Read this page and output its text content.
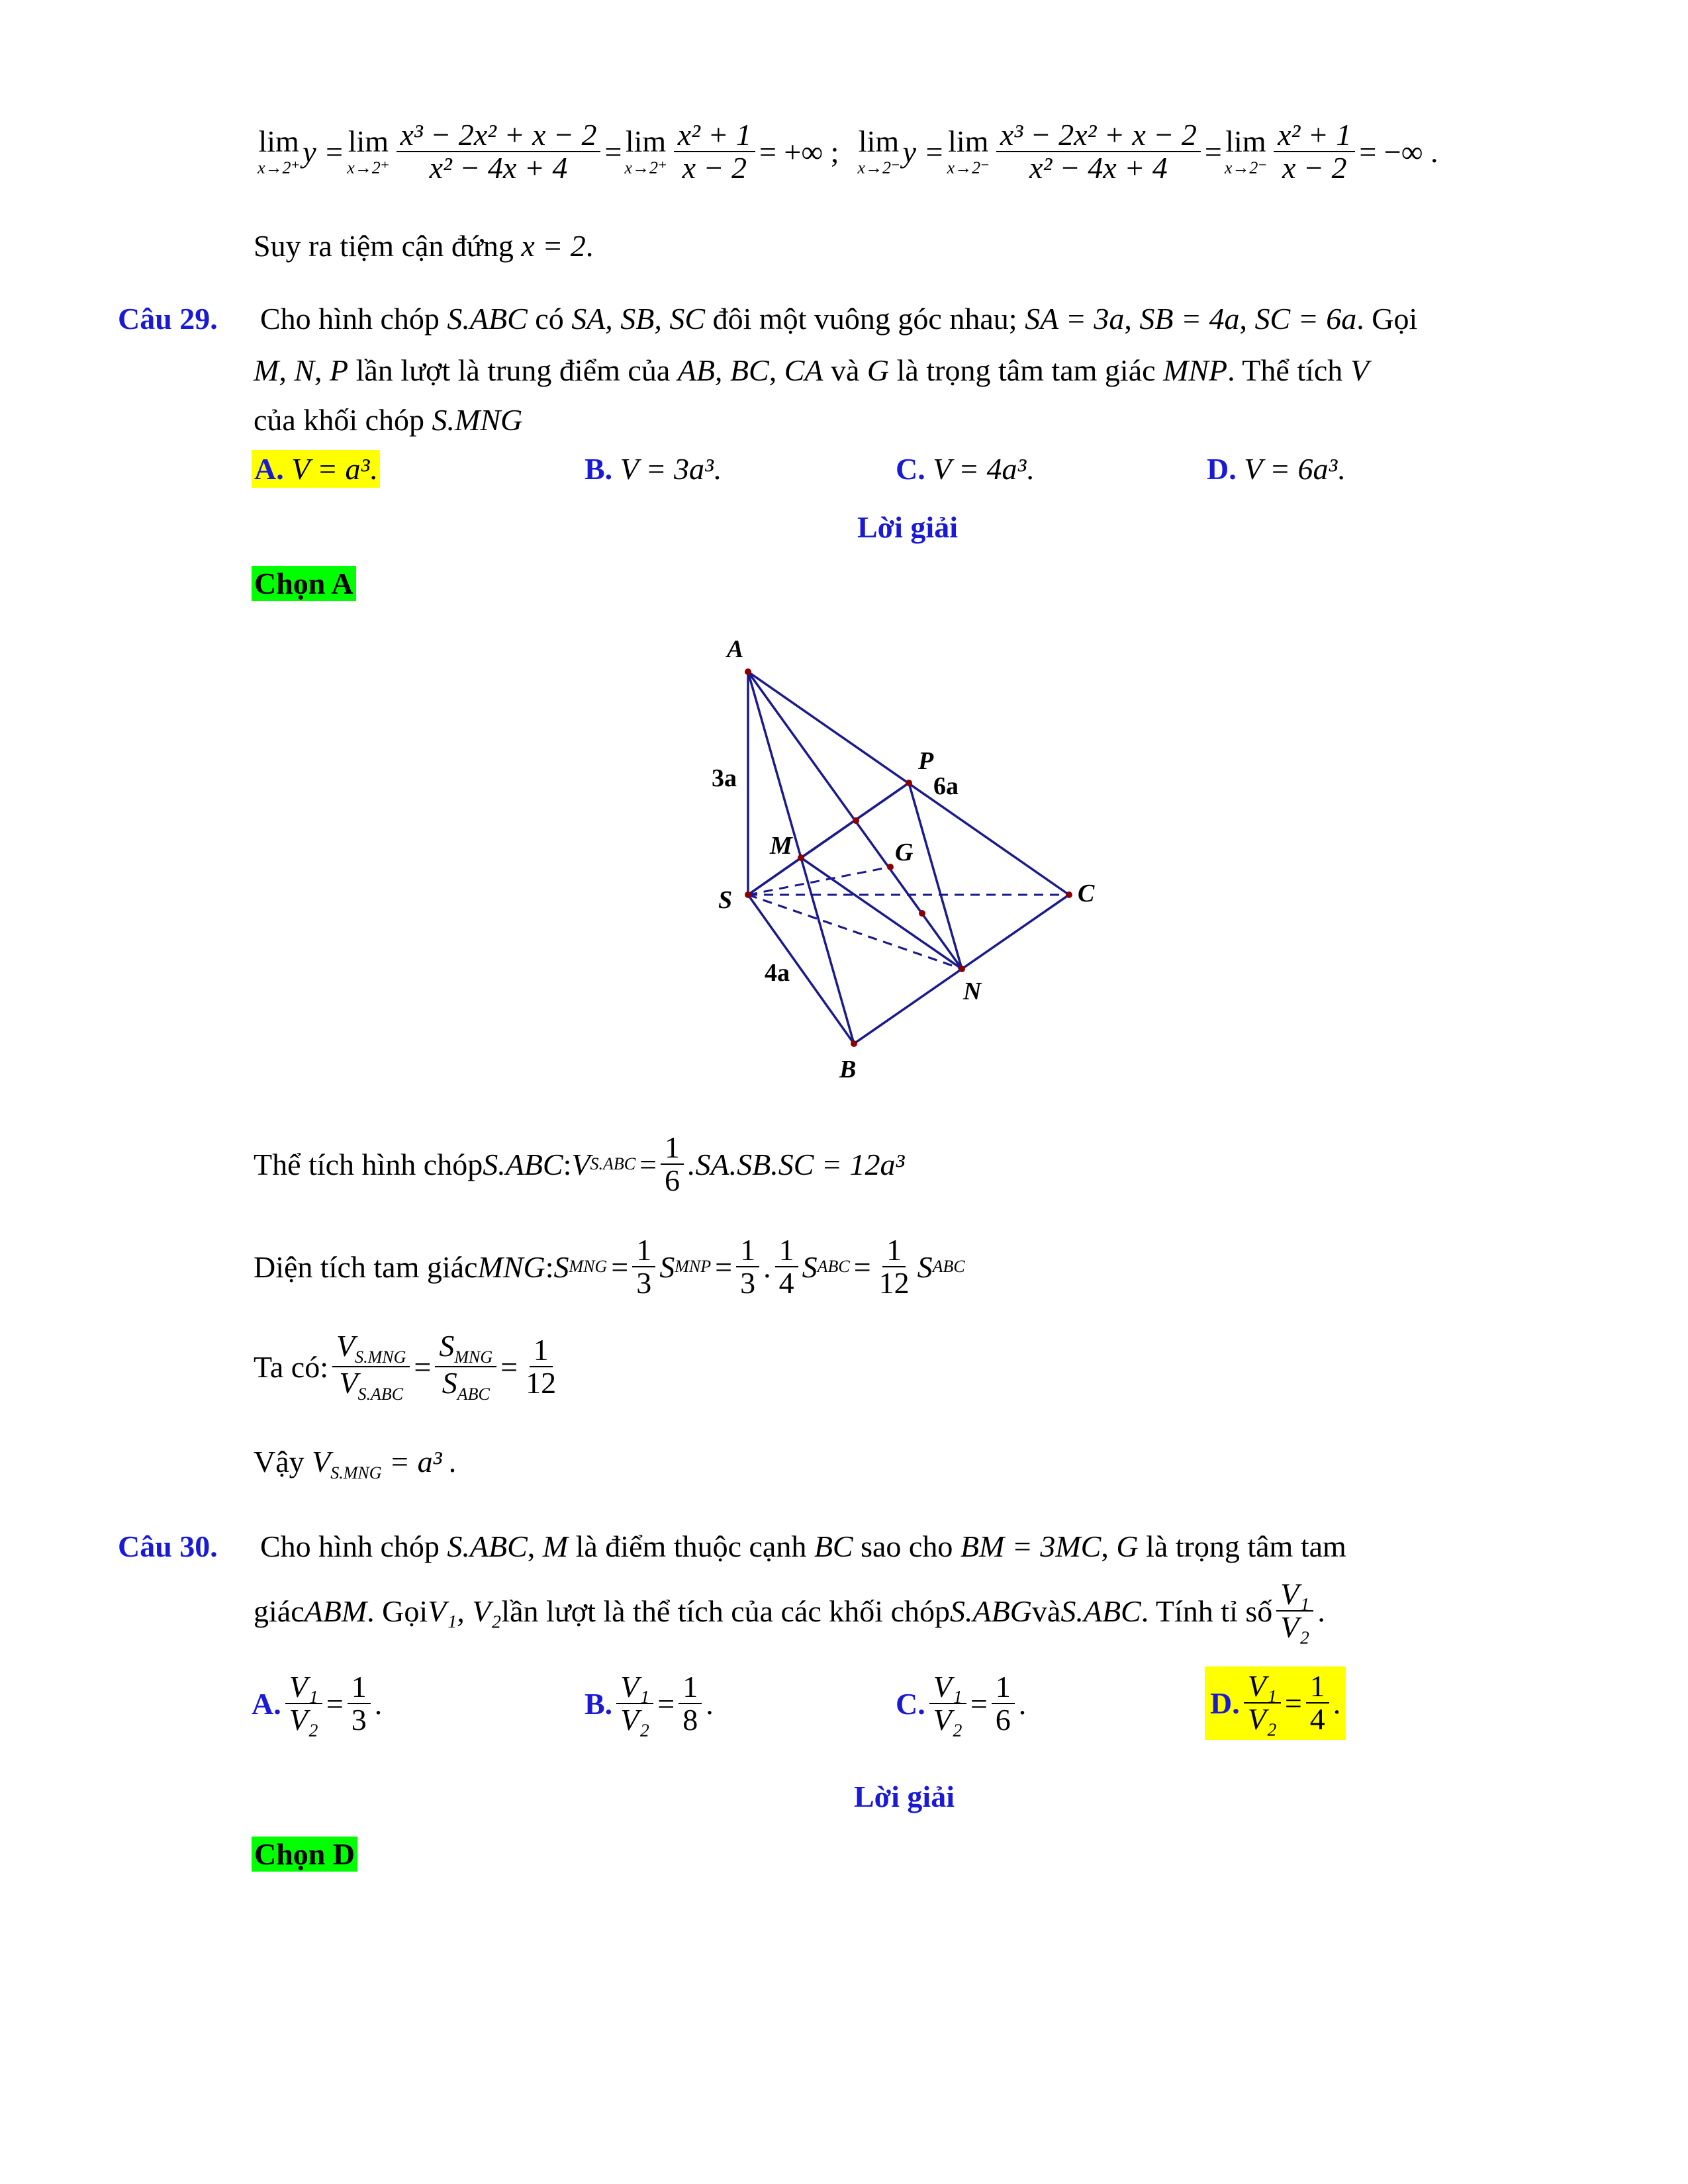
lim
x→2⁺ y = lim
$x\to 2^+ \frac{\text{x³ − 2x² + x − 2}}{\text{x² − 4x + 4}} = \lim$
$x\to 2^+ \frac{\text{x² + 1}}{x - 2}$ = +∞ ; lim
x→2⁻ y = lim
$x\to 2^- \frac{\text{x³ − 2x² + x − 2}}{\text{x² − 4x + 4}} = \lim$
$x\to 2^- \frac{\text{x² + 1}}{x - 2}$ = −∞ .
Suy ra tiệm cận đứng x = 2.
Câu 29. Cho hình chóp S.ABC có SA, SB, SC đôi một vuông góc nhau; SA = 3a, SB = 4a, SC = 6a. Gọi
M, N, P lần lượt là trung điểm của AB, BC, CA và G là trọng tâm tam giác MNP. Thể tích V
của khối chóp S.MNG
A. V = a³.	B. V = 3a³.	C. V = 4a³.	D. V = 6a³.
Lời giải
Chọn A
A
S
B
C
M
N
P
G
3a
4a
6a
Thể tích hình chóp S.ABC : V $S.ABC = \frac{1}{6} .SA.SB.SC = 12a^3$
Diện tích tam giác MNG : S MNG = $\frac{1}{3}$ S MNP = $\frac{1}{3}$ . $\frac{1}{4}$ S ABC = $\frac{1}{12}$ S ABC
Ta có: $\frac{V_{S.MNG}}{V_{S.ABC}} = \frac{S_{MNG}}{S_{ABC}} = \frac{1}{12}$
Vậy $V_{S.MNG} = a^3$ .
Câu 30. Cho hình chóp S.ABC, M là điểm thuộc cạnh BC sao cho BM = 3MC, G là trọng tâm tam
giác ABM . Gọi V₁, V₂ lần lượt là thể tích của các khối chóp S.ABG và S.ABC . Tính tỉ số $\frac{\text{V₁}}{\text{V₂}}$ .
A. $\frac{\text{V₁}}{\text{V₂}} = \frac{1}{3}$ .	B. $\frac{\text{V₁}}{\text{V₂}} = \frac{1}{8}$ .	C. $\frac{\text{V₁}}{\text{V₂}} = \frac{1}{6}$ .	D. $\frac{\text{V₁}}{\text{V₂}} = \frac{1}{4}$ .
Lời giải
Chọn D
